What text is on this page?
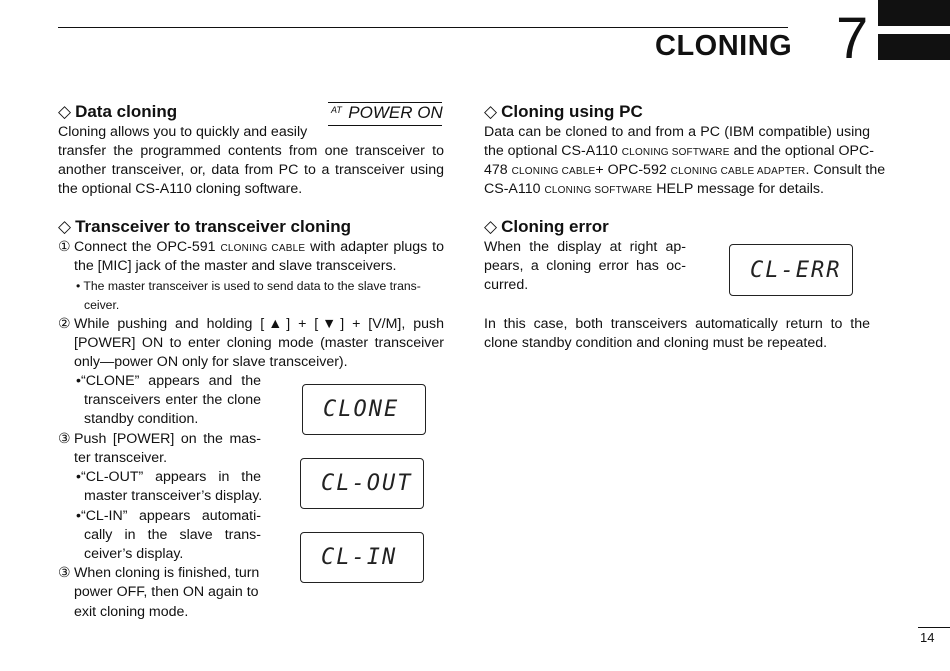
CLONING 7
◇ Data cloning	$^{AT}$ POWER ON
Cloning allows you to quickly and easily
transfer the programmed contents from one transceiver to
another transceiver, or, data from PC to a transceiver using
the optional CS-A110 cloning software.
◇ Transceiver to transceiver cloning
① Connect the OPC-591 CLONING CABLE with adapter plugs to
the [MIC] jack of the master and slave transceivers.
• The master transceiver is used to send data to the slave trans-
ceiver.
② While pushing and holding [▲] + [▼] + [V/M], push
[POWER] ON to enter cloning mode (master transceiver
only—power ON only for slave transceiver).
•“CLONE” appears and the
transceivers enter the clone
standby condition.
③ Push [POWER] on the mas-
ter transceiver.
•“CL-OUT” appears in the
master transceiver’s display.
•“CL-IN” appears automati-
cally in the slave trans-
ceiver’s display.
③ When cloning is finished, turn
power OFF, then ON again to
exit cloning mode.
CLONE
CL-OUT
CL-IN
◇ Cloning using PC
Data can be cloned to and from a PC (IBM compatible) using
the optional CS-A110 CLONING SOFTWARE and the optional OPC-
478 CLONING CABLE+ OPC-592 CLONING CABLE ADAPTER. Consult the
CS-A110 CLONING SOFTWARE HELP message for details.
◇ Cloning error
When the display at right ap-
pears, a cloning error has oc-
curred.
CL-ERR
In this case, both transceivers automatically return to the
clone standby condition and cloning must be repeated.
14
